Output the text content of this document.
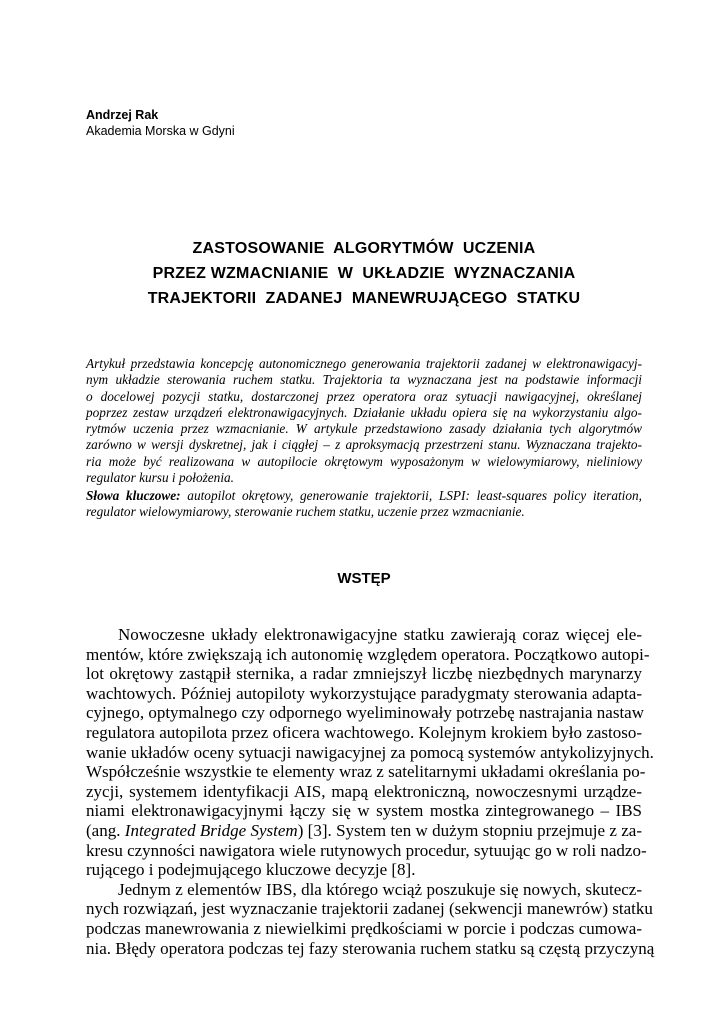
Andrzej Rak
Akademia Morska w Gdyni
ZASTOSOWANIE  ALGORYTMÓW  UCZENIA
PRZEZ WZMACNIANIE  W  UKŁADZIE  WYZNACZANIA
TRAJEKTORII  ZADANEJ  MANEWRUJĄCEGO  STATKU
Artykuł przedstawia koncepcję autonomicznego generowania trajektorii zadanej w elektronawigacyj-
nym układzie sterowania ruchem statku. Trajektoria ta wyznaczana jest na podstawie informacji
o docelowej pozycji statku, dostarczonej przez operatora oraz sytuacji nawigacyjnej, określanej
poprzez zestaw urządzeń elektronawigacyjnych. Działanie układu opiera się na wykorzystaniu algo-
rytmów uczenia przez wzmacnianie. W artykule przedstawiono zasady działania tych algorytmów
zarówno w wersji dyskretnej, jak i ciągłej – z aproksymacją przestrzeni stanu. Wyznaczana trajekto-
ria może być realizowana w autopilocie okrętowym wyposażonym w wielowymiarowy, nieliniowy
regulator kursu i położenia.
Słowa kluczowe: autopilot okrętowy, generowanie trajektorii, LSPI: least-squares policy iteration,
regulator wielowymiarowy, sterowanie ruchem statku, uczenie przez wzmacnianie.
WSTĘP
Nowoczesne układy elektronawigacyjne statku zawierają coraz więcej ele-
mentów, które zwiększają ich autonomię względem operatora. Początkowo autopi-
lot okrętowy zastąpił sternika, a radar zmniejszył liczbę niezbędnych marynarzy
wachtowych. Później autopiloty wykorzystujące paradygmaty sterowania adapta-
cyjnego, optymalnego czy odpornego wyeliminowały potrzebę nastrajania nastaw
regulatora autopilota przez oficera wachtowego. Kolejnym krokiem było zastoso-
wanie układów oceny sytuacji nawigacyjnej za pomocą systemów antykolizyjnych.
Współcześnie wszystkie te elementy wraz z satelitarnymi układami określania po-
zycji, systemem identyfikacji AIS, mapą elektroniczną, nowoczesnymi urządze-
niami elektronawigacyjnymi łączy się w system mostka zintegrowanego – IBS
(ang. Integrated Bridge System) [3]. System ten w dużym stopniu przejmuje z za-
kresu czynności nawigatora wiele rutynowych procedur, sytuując go w roli nadzo-
rującego i podejmującego kluczowe decyzje [8].
Jednym z elementów IBS, dla którego wciąż poszukuje się nowych, skutecz-
nych rozwiązań, jest wyznaczanie trajektorii zadanej (sekwencji manewrów) statku
podczas manewrowania z niewielkimi prędkościami w porcie i podczas cumowa-
nia. Błędy operatora podczas tej fazy sterowania ruchem statku są częstą przyczyną
